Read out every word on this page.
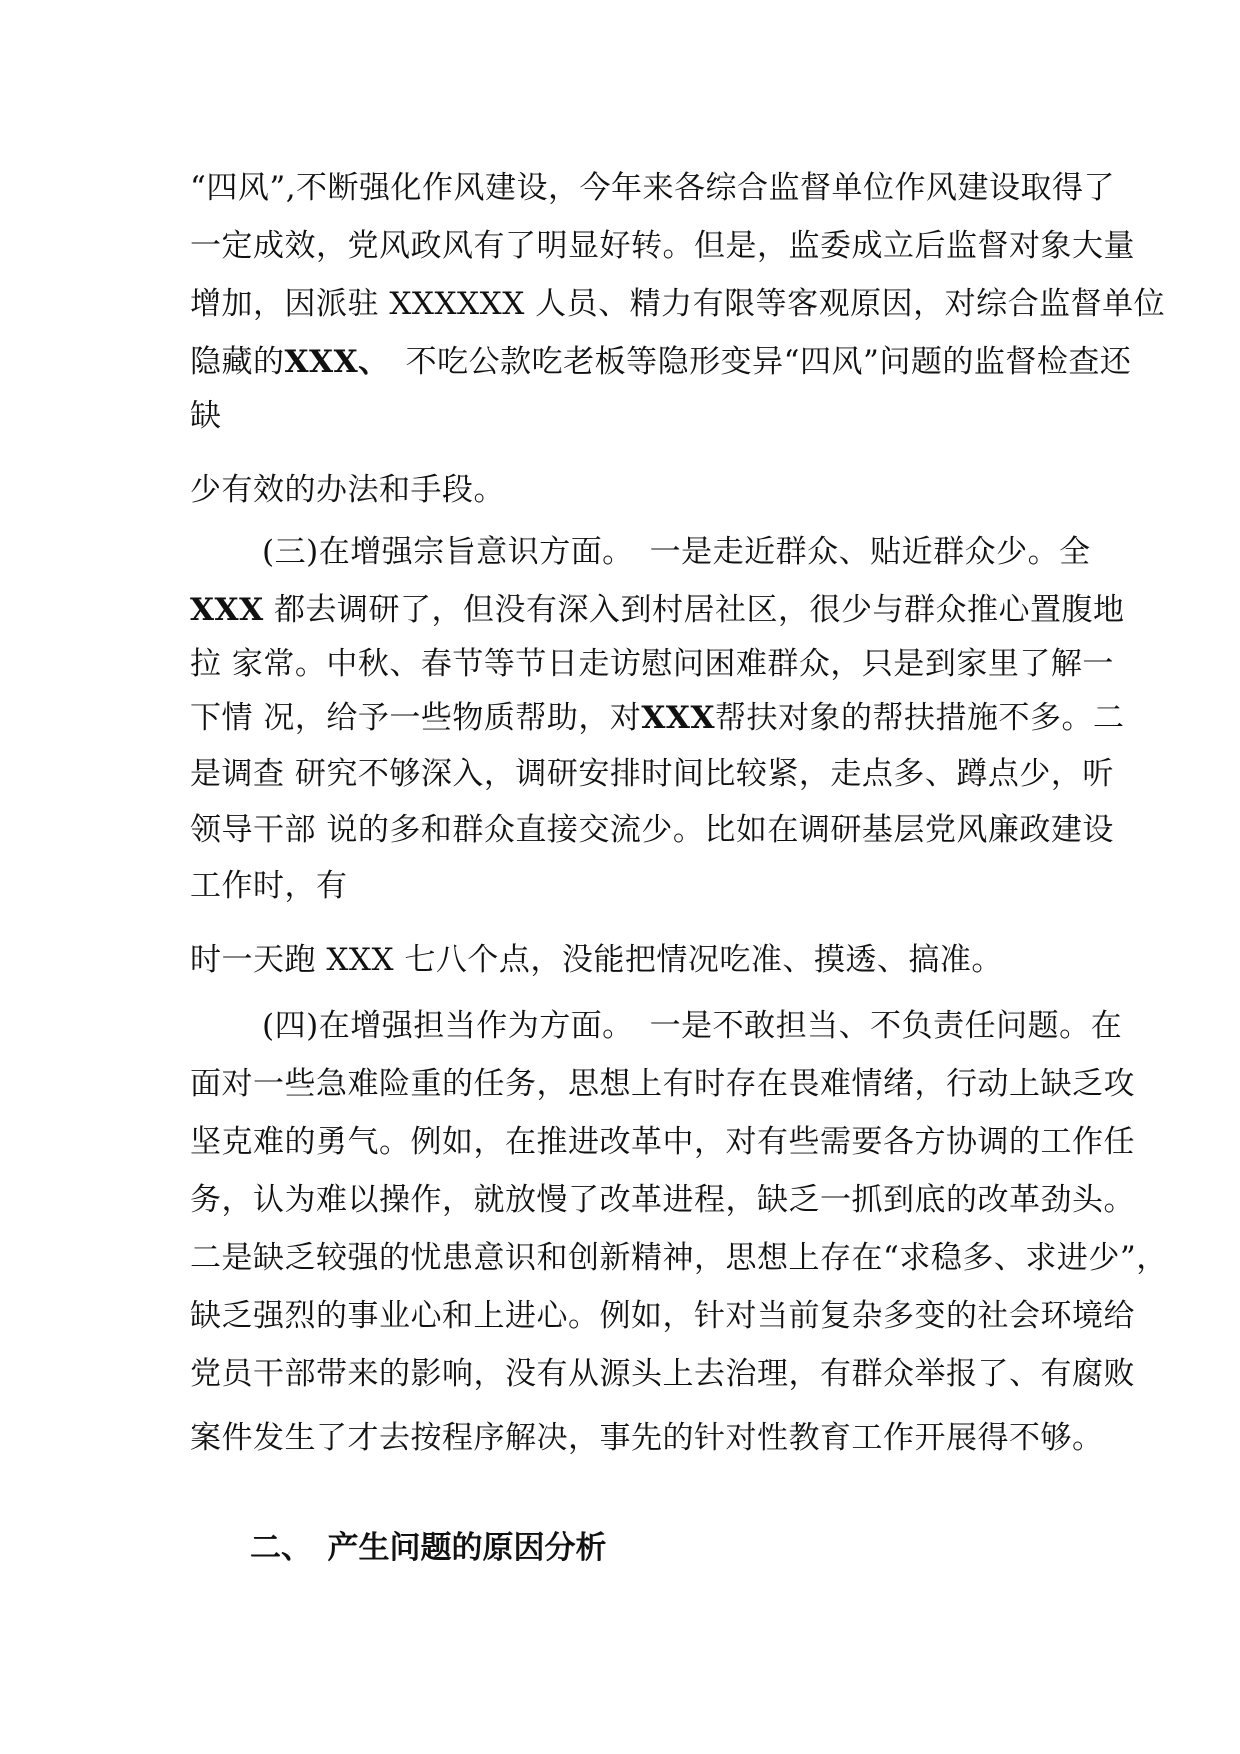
“四风”,不断强化作风建设，今年来各综合监督单位作风建设取得了
一定成效，党风政风有了明显好转。但是，监委成立后监督对象大量
增加，因派驻 XXXXXX 人员、精力有限等客观原因，对综合监督单位
隐藏的XXX、　不吃公款吃老板等隐形变异“四风”问题的监督检查还
缺
少有效的办法和手段。
(三)在增强宗旨意识方面。　一是走近群众、贴近群众少。全
XXX 都去调研了，但没有深入到村居社区，很少与群众推心置腹地
拉 家常。中秋、春节等节日走访慰问困难群众，只是到家里了解一
下情 况，给予一些物质帮助，对XXX帮扶对象的帮扶措施不多。二
是调查 研究不够深入，调研安排时间比较紧，走点多、蹲点少，听
领导干部 说的多和群众直接交流少。比如在调研基层党风廉政建设
工作时，有
时一天跑 XXX 七八个点，没能把情况吃准、摸透、搞准。
(四)在增强担当作为方面。　一是不敢担当、不负责任问题。在
面对一些急难险重的任务，思想上有时存在畏难情绪，行动上缺乏攻
坚克难的勇气。例如，在推进改革中，对有些需要各方协调的工作任
务，认为难以操作，就放慢了改革进程，缺乏一抓到底的改革劲头。
二是缺乏较强的忧患意识和创新精神，思想上存在“求稳多、求进少”，
缺乏强烈的事业心和上进心。例如，针对当前复杂多变的社会环境给
党员干部带来的影响，没有从源头上去治理，有群众举报了、有腐败
案件发生了才去按程序解决，事先的针对性教育工作开展得不够。
二、　产生问题的原因分析
